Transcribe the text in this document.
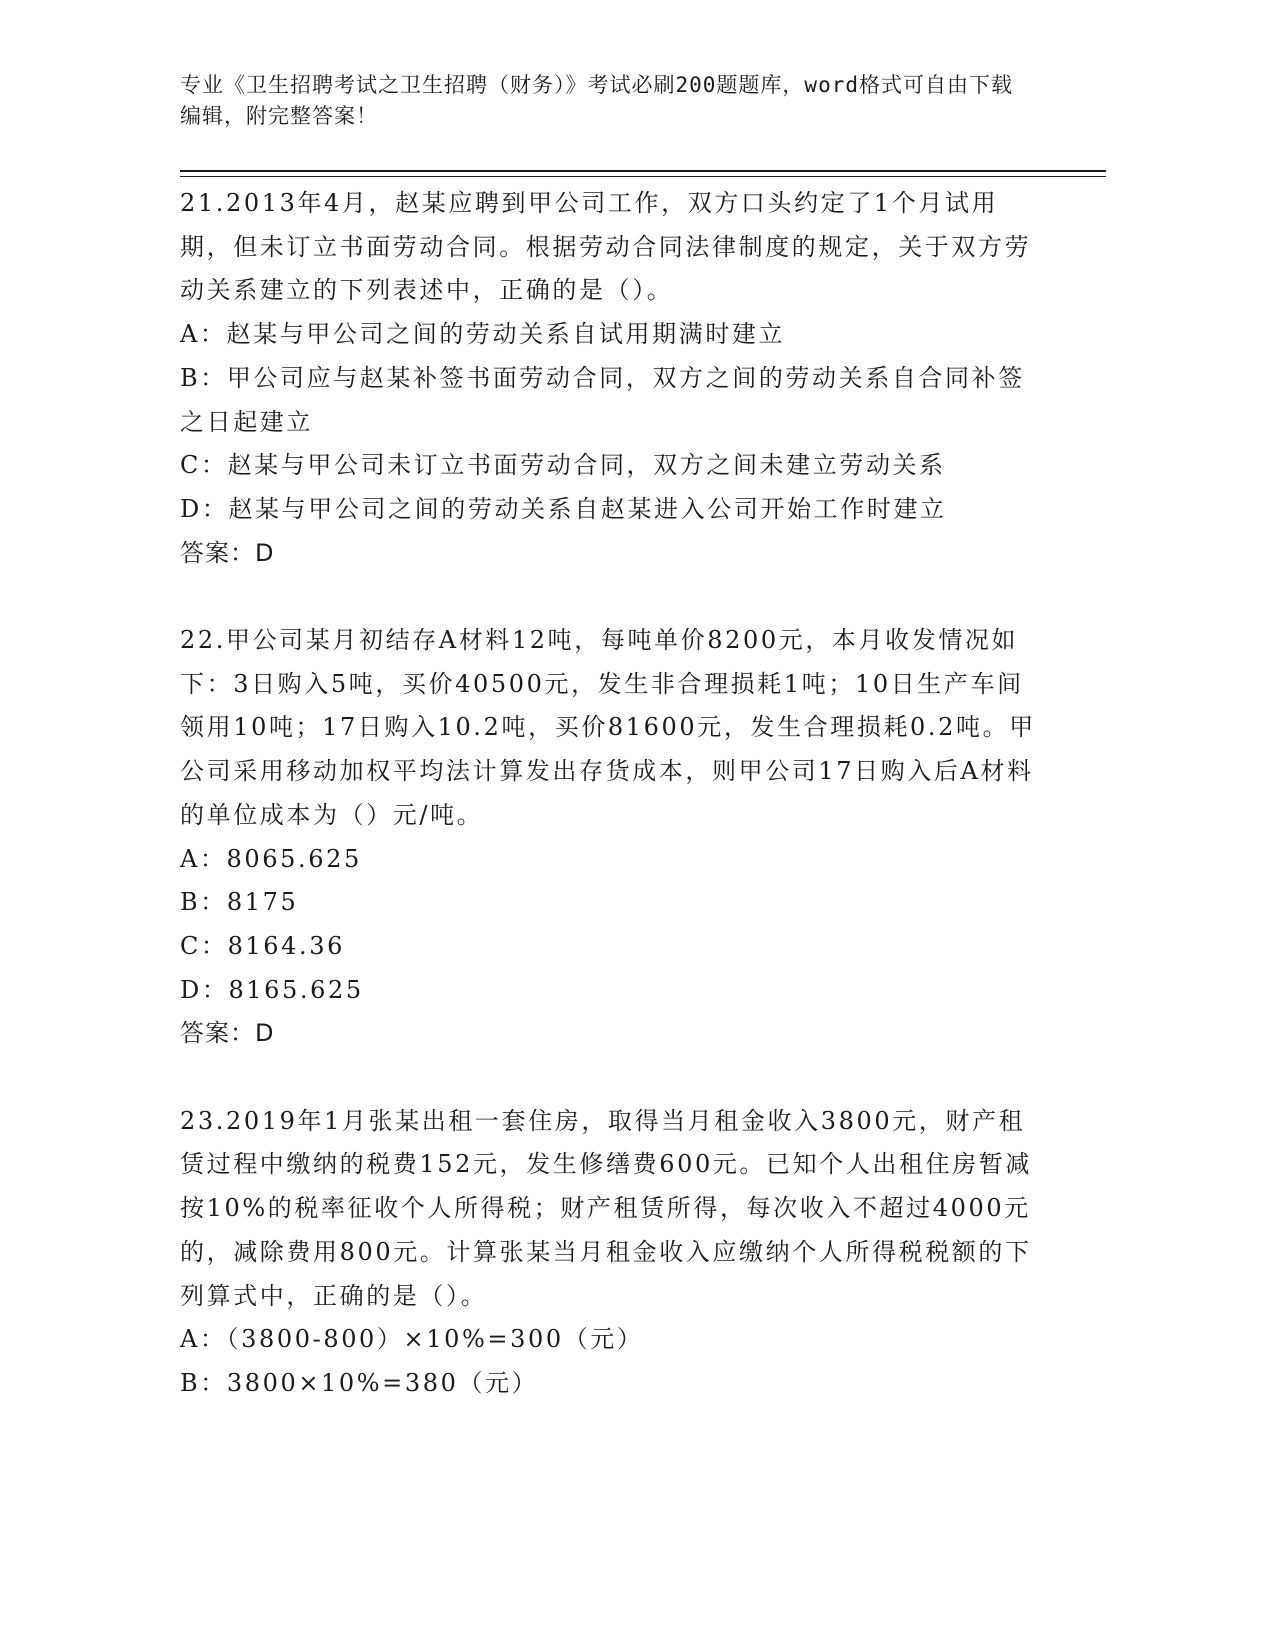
专业《卫生招聘考试之卫生招聘（财务）》考试必刷200题题库，word格式可自由下载编辑，附完整答案！
21.2013年4月，赵某应聘到甲公司工作，双方口头约定了1个月试用期，但未订立书面劳动合同。根据劳动合同法律制度的规定，关于双方劳动关系建立的下列表述中，正确的是（）。
A：赵某与甲公司之间的劳动关系自试用期满时建立
B：甲公司应与赵某补签书面劳动合同，双方之间的劳动关系自合同补签之日起建立
C：赵某与甲公司未订立书面劳动合同，双方之间未建立劳动关系
D：赵某与甲公司之间的劳动关系自赵某进入公司开始工作时建立
答案：D
22.甲公司某月初结存A材料12吨，每吨单价8200元，本月收发情况如下：3日购入5吨，买价40500元，发生非合理损耗1吨；10日生产车间领用10吨；17日购入10.2吨，买价81600元，发生合理损耗0.2吨。甲公司采用移动加权平均法计算发出存货成本，则甲公司17日购入后A材料的单位成本为（）元/吨。
A：8065.625
B：8175
C：8164.36
D：8165.625
答案：D
23.2019年1月张某出租一套住房，取得当月租金收入3800元，财产租赁过程中缴纳的税费152元，发生修缮费600元。已知个人出租住房暂减按10%的税率征收个人所得税；财产租赁所得，每次收入不超过4000元的，减除费用800元。计算张某当月租金收入应缴纳个人所得税税额的下列算式中，正确的是（）。
A：（3800-800）×10%=300（元）
B：3800×10%=380（元）
